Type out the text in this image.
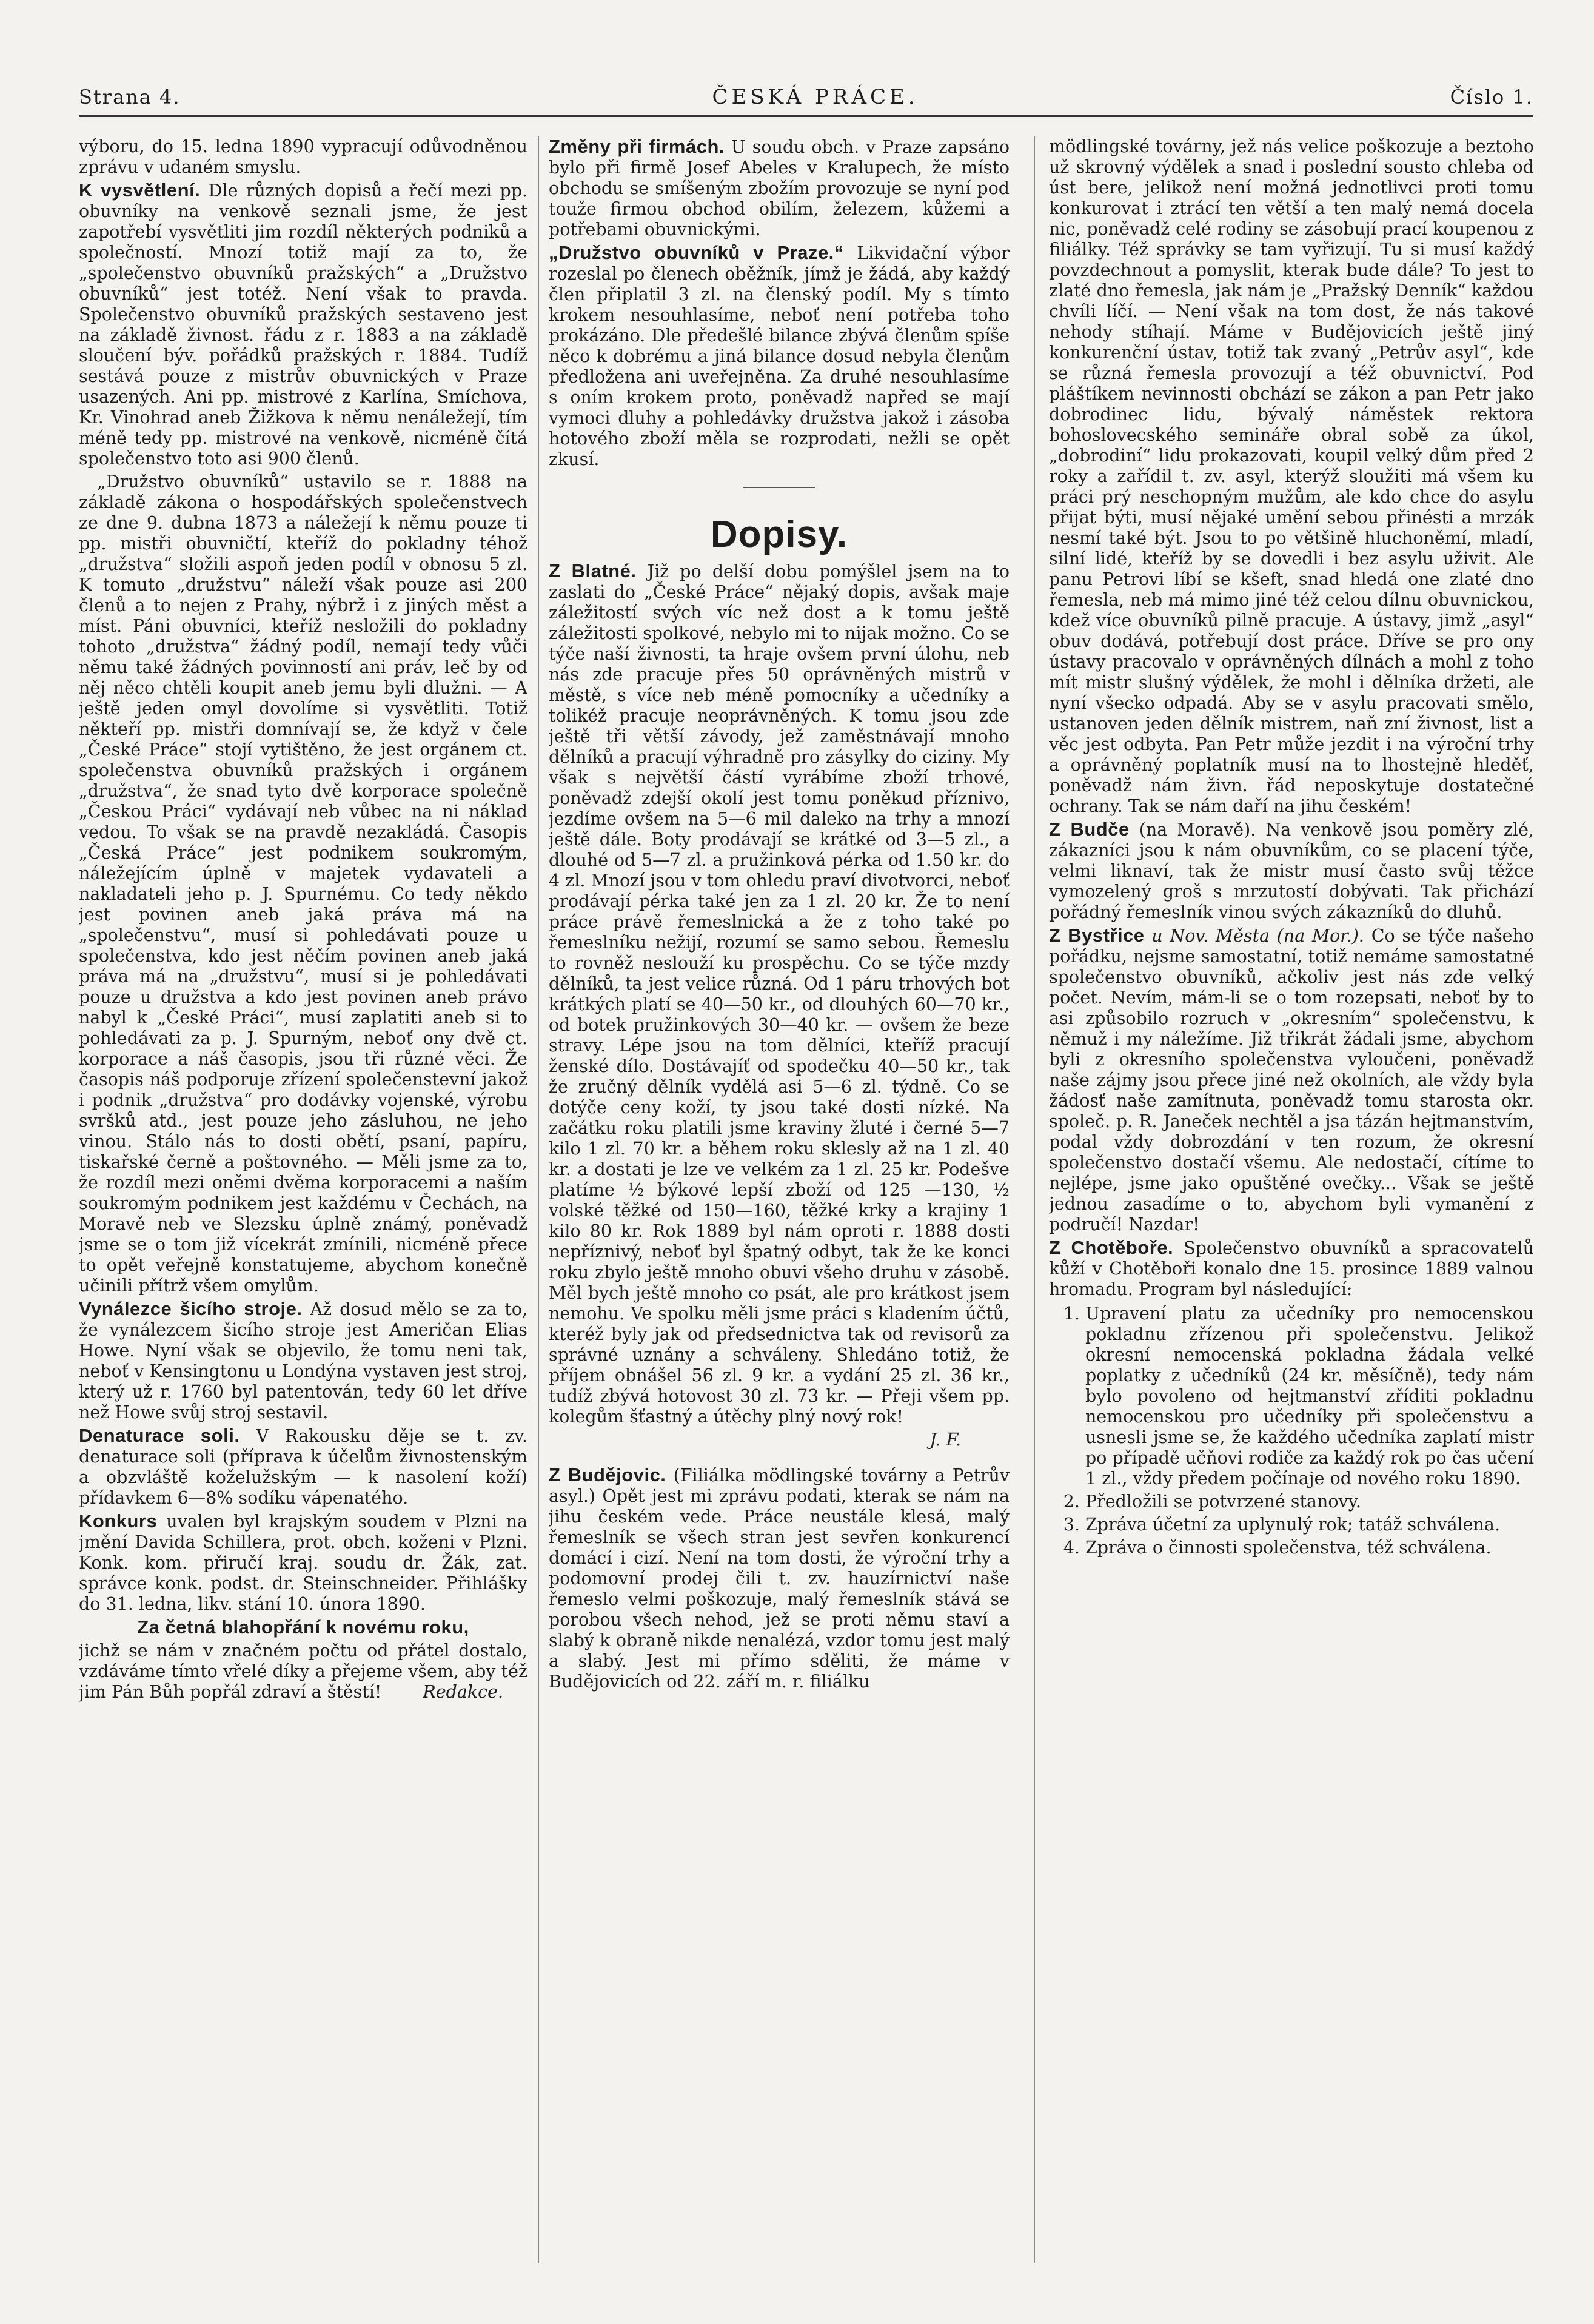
Strana 4.	ČESKÁ PRÁCE.	Číslo 1.

výboru, do 15. ledna 1890 vypracují odůvodněnou zprávu v udaném smyslu.

K vysvětlení. Dle různých dopisů a řečí mezi pp. obuvníky na venkově seznali jsme, že jest zapotřebí vysvětliti jim rozdíl některých podniků a společností. Mnozí totiž mají za to, že „společenstvo obuvníků pražských“ a „Družstvo obuvníků“ jest totéž. Není však to pravda. Společenstvo obuvníků pražských sestaveno jest na základě živnost. řádu z r. 1883 a na základě sloučení býv. pořádků pražských r. 1884. Tudíž sestává pouze z mistrův obuvnických v Praze usazených. Ani pp. mistrové z Karlína, Smíchova, Kr. Vinohrad aneb Žižkova k němu nenáležejí, tím méně tedy pp. mistrové na venkově, nicméně čítá společenstvo toto asi 900 členů.

„Družstvo obuvníků“ ustavilo se r. 1888 na základě zákona o hospodářských společenstvech ze dne 9. dubna 1873 a náležejí k němu pouze ti pp. mistři obuvničtí, kteříž do pokladny téhož „družstva“ složili aspoň jeden podíl v obnosu 5 zl. K tomuto „družstvu“ náleží však pouze asi 200 členů a to nejen z Prahy, nýbrž i z jiných měst a míst. Páni obuvníci, kteříž nesložili do pokladny tohoto „družstva“ žádný podíl, nemají tedy vůči němu také žádných povinností ani práv, leč by od něj něco chtěli koupit aneb jemu byli dlužni. — A ještě jeden omyl dovolíme si vysvětliti. Totiž někteří pp. mistři domnívají se, že když v čele „České Práce“ stojí vytištěno, že jest orgánem ct. společenstva obuvníků pražských i orgánem „družstva“, že snad tyto dvě korporace společně „Českou Práci“ vydávají neb vůbec na ni náklad vedou. To však se na pravdě nezakládá. Časopis „Česká Práce“ jest podnikem soukromým, náležejícím úplně v majetek vydavateli a nakladateli jeho p. J. Spurnému. Co tedy někdo jest povinen aneb jaká práva má na „společenstvu“, musí si pohledávati pouze u společenstva, kdo jest něčím povinen aneb jaká práva má na „družstvu“, musí si je pohledávati pouze u družstva a kdo jest povinen aneb právo nabyl k „České Práci“, musí zaplatiti aneb si to pohledávati za p. J. Spurným, neboť ony dvě ct. korporace a náš časopis, jsou tři různé věci. Že časopis náš podporuje zřízení společenstevní jakož i podnik „družstva“ pro dodávky vojenské, výrobu svršků atd., jest pouze jeho zásluhou, ne jeho vinou. Stálo nás to dosti obětí, psaní, papíru, tiskařské černě a poštovného. — Měli jsme za to, že rozdíl mezi oněmi dvěma korporacemi a naším soukromým podnikem jest každému v Čechách, na Moravě neb ve Slezsku úplně známý, poněvadž jsme se o tom již vícekrát zmínili, nicméně přece to opět veřejně konstatujeme, abychom konečně učinili přítrž všem omylům.

Vynálezce šicího stroje. Až dosud mělo se za to, že vynálezcem šicího stroje jest Američan Elias Howe. Nyní však se objevilo, že tomu neni tak, neboť v Kensingtonu u Londýna vystaven jest stroj, který už r. 1760 byl patentován, tedy 60 let dříve než Howe svůj stroj sestavil.

Denaturace soli. V Rakousku děje se t. zv. denaturace soli (příprava k účelům živnostenským a obzvláště koželužským — k nasolení koží) přídavkem 6—8% sodíku vápenatého.

Konkurs uvalen byl krajským soudem v Plzni na jmění Davida Schillera, prot. obch. koženi v Plzni. Konk. kom. přiručí kraj. soudu dr. Žák, zat. správce konk. podst. dr. Steinschneider. Přihlášky do 31. ledna, likv. stání 10. února 1890.

Za četná blahopřání k novému roku,

jichž se nám v značném počtu od přátel dostalo, vzdáváme tímto vřelé díky a přejeme všem, aby též jim Pán Bůh popřál zdraví a štěstí! Redakce.

Změny při firmách. U soudu obch. v Praze zapsáno bylo při firmě Josef Abeles v Kralupech, že místo obchodu se smíšeným zbožím provozuje se nyní pod touže firmou obchod obilím, železem, kůžemi a potřebami obuvnickými.

„Družstvo obuvníků v Praze.“ Likvidační výbor rozeslal po členech oběžník, jímž je žádá, aby každý člen připlatil 3 zl. na členský podíl. My s tímto krokem nesouhlasíme, neboť není potřeba toho prokázáno. Dle předešlé bilance zbývá členům spíše něco k dobrému a jiná bilance dosud nebyla členům předložena ani uveřejněna. Za druhé nesouhlasíme s oním krokem proto, poněvadž napřed se mají vymoci dluhy a pohledávky družstva jakož i zásoba hotového zboží měla se rozprodati, nežli se opět zkusí.

Dopisy.

Z Blatné. Již po delší dobu pomýšlel jsem na to zaslati do „České Práce“ nějaký dopis, avšak maje záležitostí svých víc než dost a k tomu ještě záležitosti spolkové, nebylo mi to nijak možno. Co se týče naší živnosti, ta hraje ovšem první úlohu, neb nás zde pracuje přes 50 oprávněných mistrů v městě, s více neb méně pomocníky a učedníky a tolikéž pracuje neoprávněných. K tomu jsou zde ještě tři větší závody, jež zaměstnávají mnoho dělníků a pracují výhradně pro zásylky do ciziny. My však s největší částí vyrábíme zboží trhové, poněvadž zdejší okolí jest tomu poněkud příznivo, jezdíme ovšem na 5—6 mil daleko na trhy a mnozí ještě dále. Boty prodávají se krátké od 3—5 zl., a dlouhé od 5—7 zl. a pružinková pérka od 1.50 kr. do 4 zl. Mnozí jsou v tom ohledu praví divotvorci, neboť prodávají pérka také jen za 1 zl. 20 kr. Že to není práce právě řemeslnická a že z toho také po řemeslníku nežijí, rozumí se samo sebou. Řemeslu to rovněž neslouží ku prospěchu. Co se týče mzdy dělníků, ta jest velice různá. Od 1 páru trhových bot krátkých platí se 40—50 kr., od dlouhých 60—70 kr., od botek pružinkových 30—40 kr. — ovšem že beze stravy. Lépe jsou na tom dělníci, kteříž pracují ženské dílo. Dostávajíť od spodečku 40—50 kr., tak že zručný dělník vydělá asi 5—6 zl. týdně. Co se dotýče ceny koží, ty jsou také dosti nízké. Na začátku roku platili jsme kraviny žluté i černé 5—7 kilo 1 zl. 70 kr. a během roku sklesly až na 1 zl. 40 kr. a dostati je lze ve velkém za 1 zl. 25 kr. Podešve platíme ½ býkové lepší zboží od 125 —130, ½ volské těžké od 150—160, těžké krky a krajiny 1 kilo 80 kr. Rok 1889 byl nám oproti r. 1888 dosti nepříznivý, neboť byl špatný odbyt, tak že ke konci roku zbylo ještě mnoho obuvi všeho druhu v zásobě. Měl bych ještě mnoho co psát, ale pro krátkost jsem nemohu. Ve spolku měli jsme práci s kladením účtů, kteréž byly jak od předsednictva tak od revisorů za správné uznány a schváleny. Shledáno totiž, že příjem obnášel 56 zl. 9 kr. a vydání 25 zl. 36 kr., tudíž zbývá hotovost 30 zl. 73 kr. — Přeji všem pp. kolegům šťastný a útěchy plný nový rok!

J. F.

Z Budějovic. (Filiálka mödlingské továrny a Petrův asyl.) Opět jest mi zprávu podati, kterak se nám na jihu českém vede. Práce neustále klesá, malý řemeslník se všech stran jest sevřen konkurencí domácí i cizí. Není na tom dosti, že výroční trhy a podomovní prodej čili t. zv. hauzírnictví naše řemeslo velmi poškozuje, malý řemeslník stává se porobou všech nehod, jež se proti němu staví a slabý k obraně nikde nenalézá, vzdor tomu jest malý a slabý. Jest mi přímo sděliti, že máme v Budějovicích od 22. září m. r. filiálku

mödlingské továrny, jež nás velice poškozuje a beztoho už skrovný výdělek a snad i poslední sousto chleba od úst bere, jelikož není možná jednotlivci proti tomu konkurovat i ztrácí ten větší a ten malý nemá docela nic, poněvadž celé rodiny se zásobují prací koupenou z filiálky. Též správky se tam vyřizují. Tu si musí každý povzdechnout a pomyslit, kterak bude dále? To jest to zlaté dno řemesla, jak nám je „Pražský Denník“ každou chvíli líčí. — Není však na tom dost, že nás takové nehody stíhají. Máme v Budějovicích ještě jiný konkurenční ústav, totiž tak zvaný „Petrův asyl“, kde se různá řemesla provozují a též obuvnictví. Pod pláštíkem nevinnosti obchází se zákon a pan Petr jako dobrodinec lidu, bývalý náměstek rektora bohoslovecského semináře obral sobě za úkol, „dobrodiní“ lidu prokazovati, koupil velký dům před 2 roky a zařídil t. zv. asyl, kterýž sloužiti má všem ku práci prý neschopným mužům, ale kdo chce do asylu přijat býti, musí nějaké umění sebou přinésti a mrzák nesmí také být. Jsou to po většině hluchoněmí, mladí, silní lidé, kteříž by se dovedli i bez asylu uživit. Ale panu Petrovi líbí se kšeft, snad hledá one zlaté dno řemesla, neb má mimo jiné též celou dílnu obuvnickou, kdež více obuvníků pilně pracuje. A ústavy, jimž „asyl“ obuv dodává, potřebují dost práce. Dříve se pro ony ústavy pracovalo v oprávněných dílnách a mohl z toho mít mistr slušný výdělek, že mohl i dělníka držeti, ale nyní všecko odpadá. Aby se v asylu pracovati smělo, ustanoven jeden dělník mistrem, naň zní živnost, list a věc jest odbyta. Pan Petr může jezdit i na výroční trhy a oprávněný poplatník musí na to lhostejně hleděť, poněvadž nám živn. řád neposkytuje dostatečné ochrany. Tak se nám daří na jihu českém!

Z Budče (na Moravě). Na venkově jsou poměry zlé, zákazníci jsou k nám obuvníkům, co se placení týče, velmi liknaví, tak že mistr musí často svůj těžce vymozelený groš s mrzutostí dobývati. Tak přichází pořádný řemeslník vinou svých zákazníků do dluhů.

Z Bystřice u Nov. Města (na Mor.). Co se týče našeho pořádku, nejsme samostatní, totiž nemáme samostatné společenstvo obuvníků, ačkoliv jest nás zde velký počet. Nevím, mám-li se o tom rozepsati, neboť by to asi způsobilo rozruch v „okresním“ společenstvu, k němuž i my náležíme. Již třikrát žádali jsme, abychom byli z okresního společenstva vyloučeni, poněvadž naše zájmy jsou přece jiné než okolních, ale vždy byla žádosť naše zamítnuta, poněvadž tomu starosta okr. společ. p. R. Janeček nechtěl a jsa tázán hejtmanstvím, podal vždy dobrozdání v ten rozum, že okresní společenstvo dostačí všemu. Ale nedostačí, cítíme to nejlépe, jsme jako opuštěné ovečky... Však se ještě jednou zasadíme o to, abychom byli vymanění z područí! Nazdar!

Z Chotěboře. Společenstvo obuvníků a spracovatelů kůží v Chotěboři konalo dne 15. prosince 1889 valnou hromadu. Program byl následující:

1. Upravení platu za učedníky pro nemocenskou pokladnu zřízenou při společenstvu. Jelikož okresní nemocenská pokladna žádala velké poplatky z učedníků (24 kr. měsíčně), tedy nám bylo povoleno od hejtmanství zříditi pokladnu nemocenskou pro učedníky při společenstvu a usnesli jsme se, že každého učedníka zaplatí mistr po případě učňovi rodiče za každý rok po čas učení 1 zl., vždy předem počínaje od nového roku 1890.
2. Předložili se potvrzené stanovy.
3. Zpráva účetní za uplynulý rok; tatáž schválena.
4. Zpráva o činnosti společenstva, též schválena.
